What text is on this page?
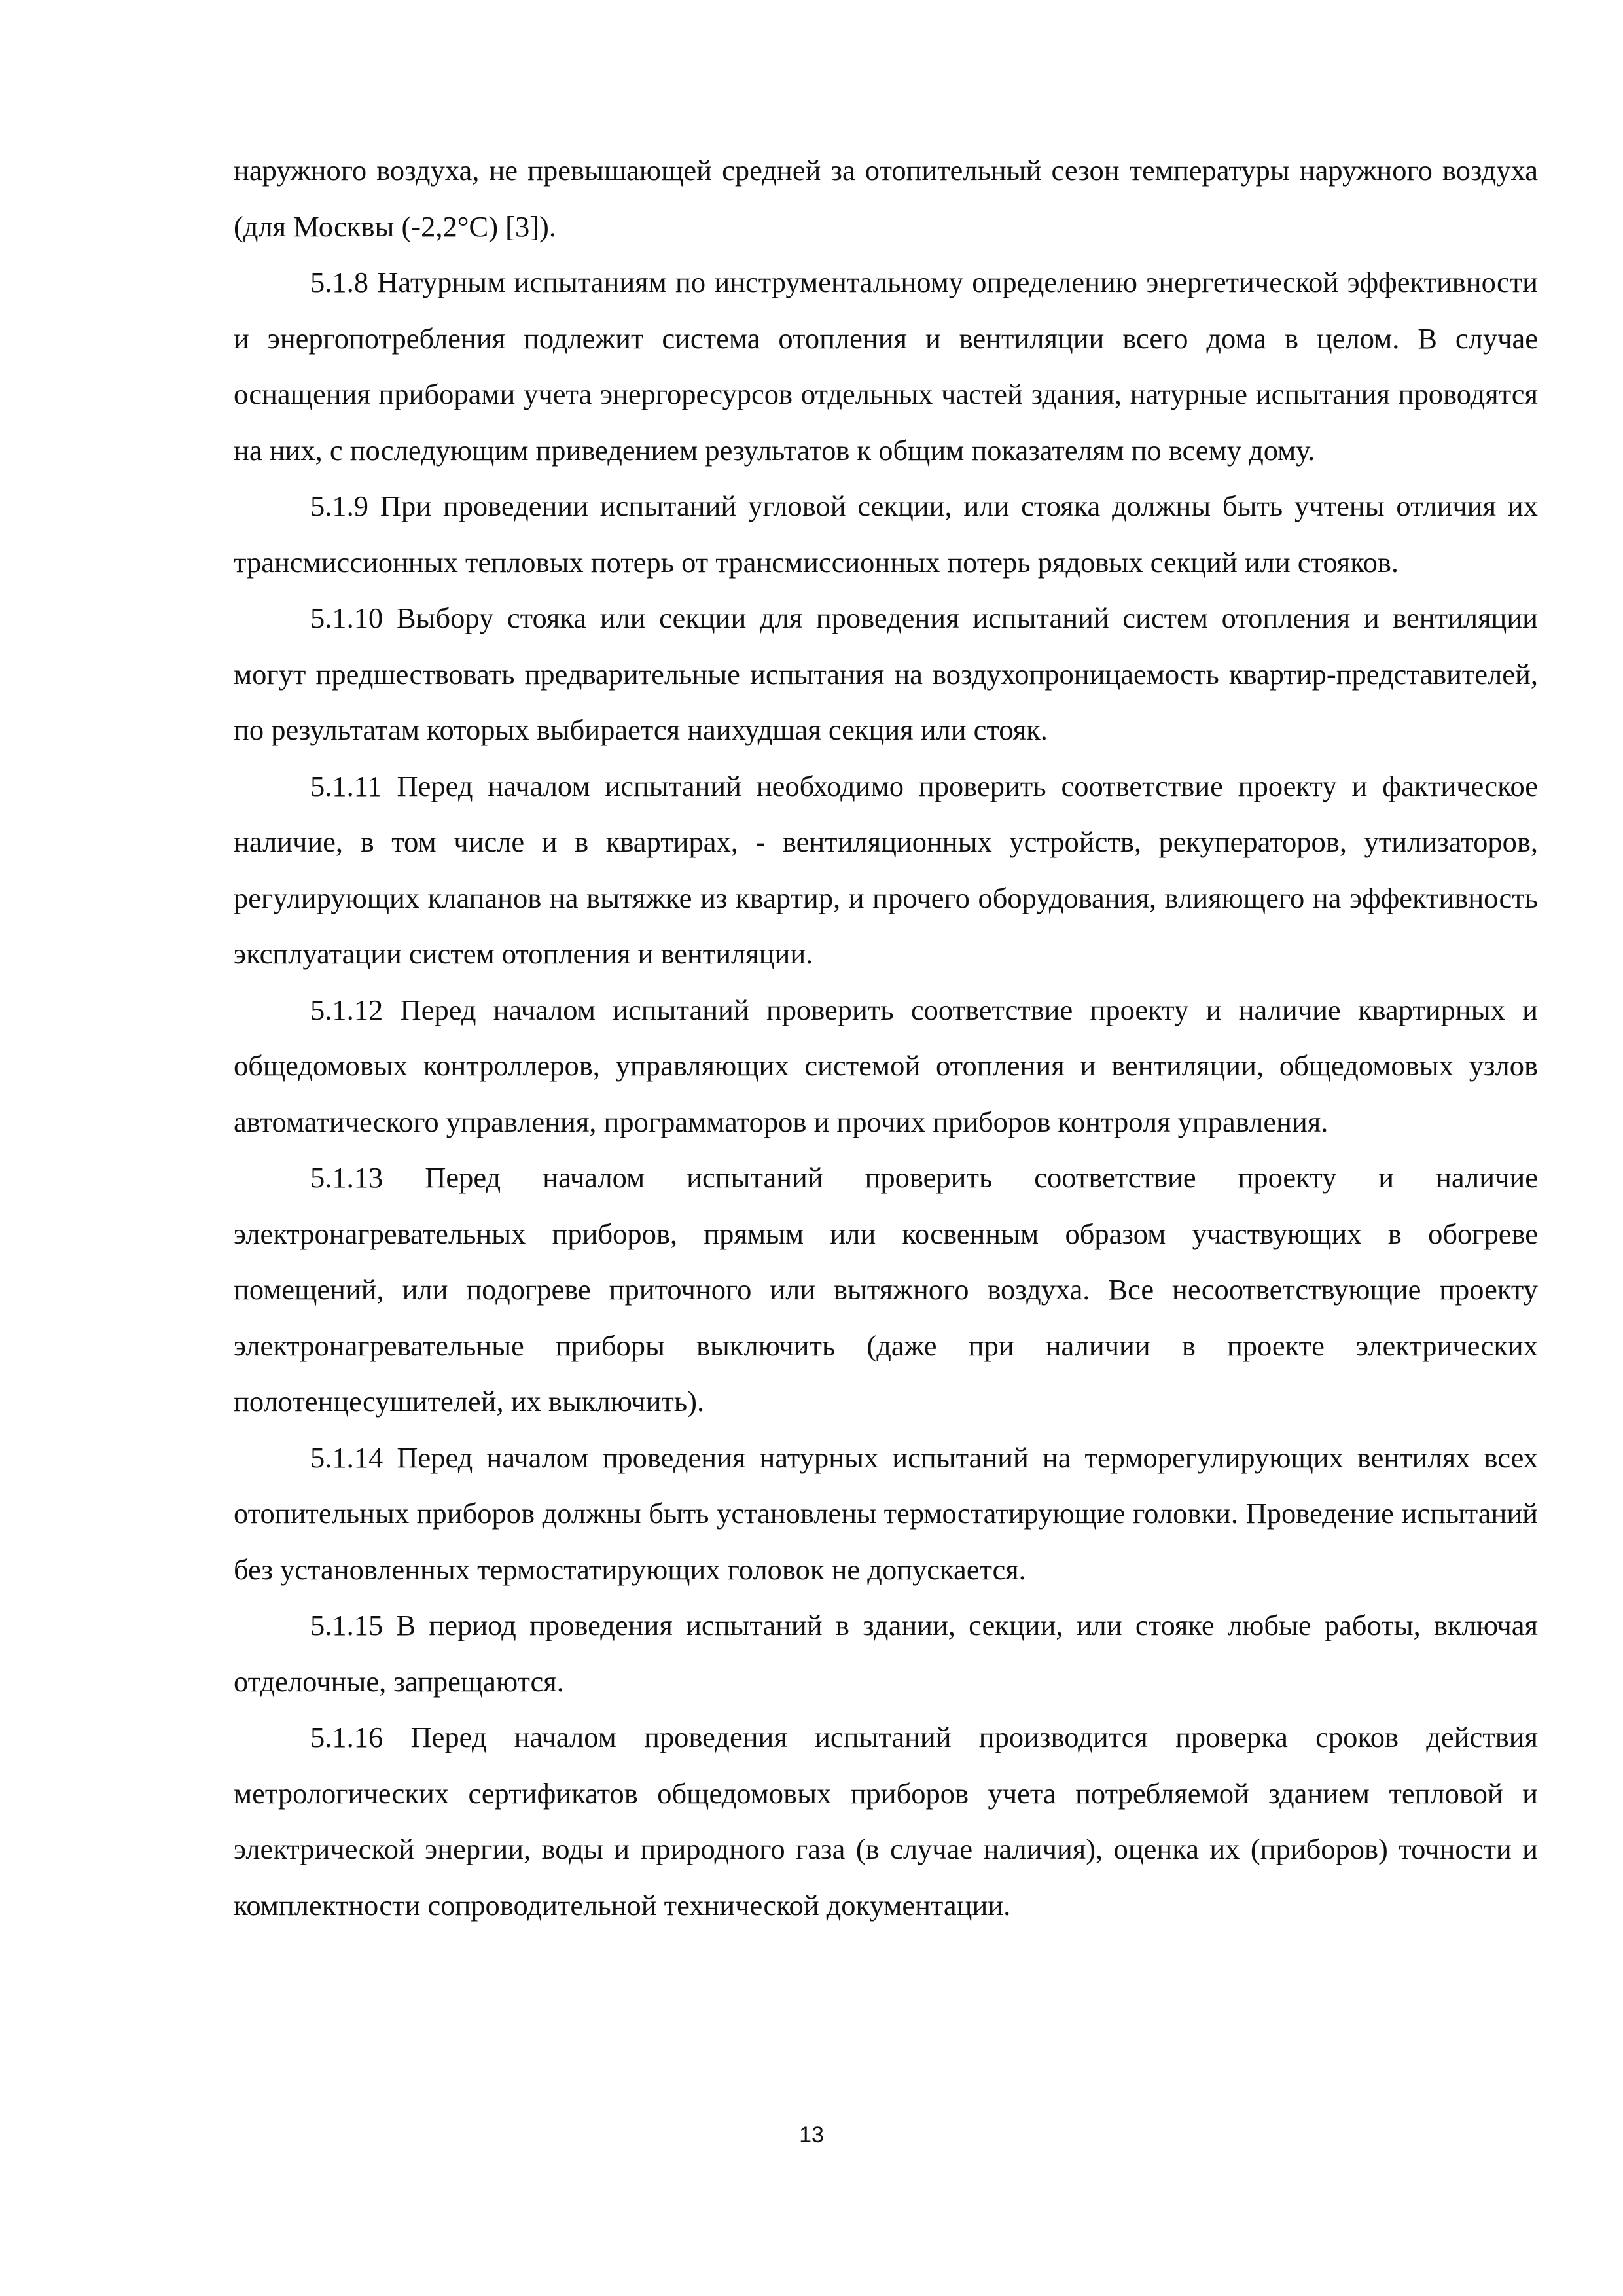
наружного воздуха, не превышающей средней за отопительный сезон температуры наружного воздуха (для Москвы (-2,2°С) [3]).

5.1.8 Натурным испытаниям по инструментальному определению энергетической эффективности и энергопотребления подлежит система отопления и вентиляции всего дома в целом. В случае оснащения приборами учета энергоресурсов отдельных частей здания, натурные испытания проводятся на них, с последующим приведением результатов к общим показателям по всему дому.

5.1.9 При проведении испытаний угловой секции, или стояка должны быть учтены отличия их трансмиссионных тепловых потерь от трансмиссионных потерь рядовых секций или стояков.

5.1.10 Выбору стояка или секции для проведения испытаний систем отопления и вентиляции могут предшествовать предварительные испытания на воздухопроницаемость квартир-представителей, по результатам которых выбирается наихудшая секция или стояк.

5.1.11 Перед началом испытаний необходимо проверить соответствие проекту и фактическое наличие, в том числе и в квартирах, - вентиляционных устройств, рекуператоров, утилизаторов, регулирующих клапанов на вытяжке из квартир, и прочего оборудования, влияющего на эффективность эксплуатации систем отопления и вентиляции.

5.1.12 Перед началом испытаний проверить соответствие проекту и наличие квартирных и общедомовых контроллеров, управляющих системой отопления и вентиляции, общедомовых узлов автоматического управления, программаторов и прочих приборов контроля управления.

5.1.13 Перед началом испытаний проверить соответствие проекту и наличие электронагревательных приборов, прямым или косвенным образом участвующих в обогреве помещений, или подогреве приточного или вытяжного воздуха. Все несоответствующие проекту электронагревательные приборы выключить (даже при наличии в проекте электрических полотенцесушителей, их выключить).

5.1.14 Перед началом проведения натурных испытаний на терморегулирующих вентилях всех отопительных приборов должны быть установлены термостатирующие головки. Проведение испытаний без установленных термостатирующих головок не допускается.

5.1.15 В период проведения испытаний в здании, секции, или стояке любые работы, включая отделочные, запрещаются.

5.1.16 Перед началом проведения испытаний производится проверка сроков действия метрологических сертификатов общедомовых приборов учета потребляемой зданием тепловой и электрической энергии, воды и природного газа (в случае наличия), оценка их (приборов) точности и комплектности сопроводительной технической документации.

13
